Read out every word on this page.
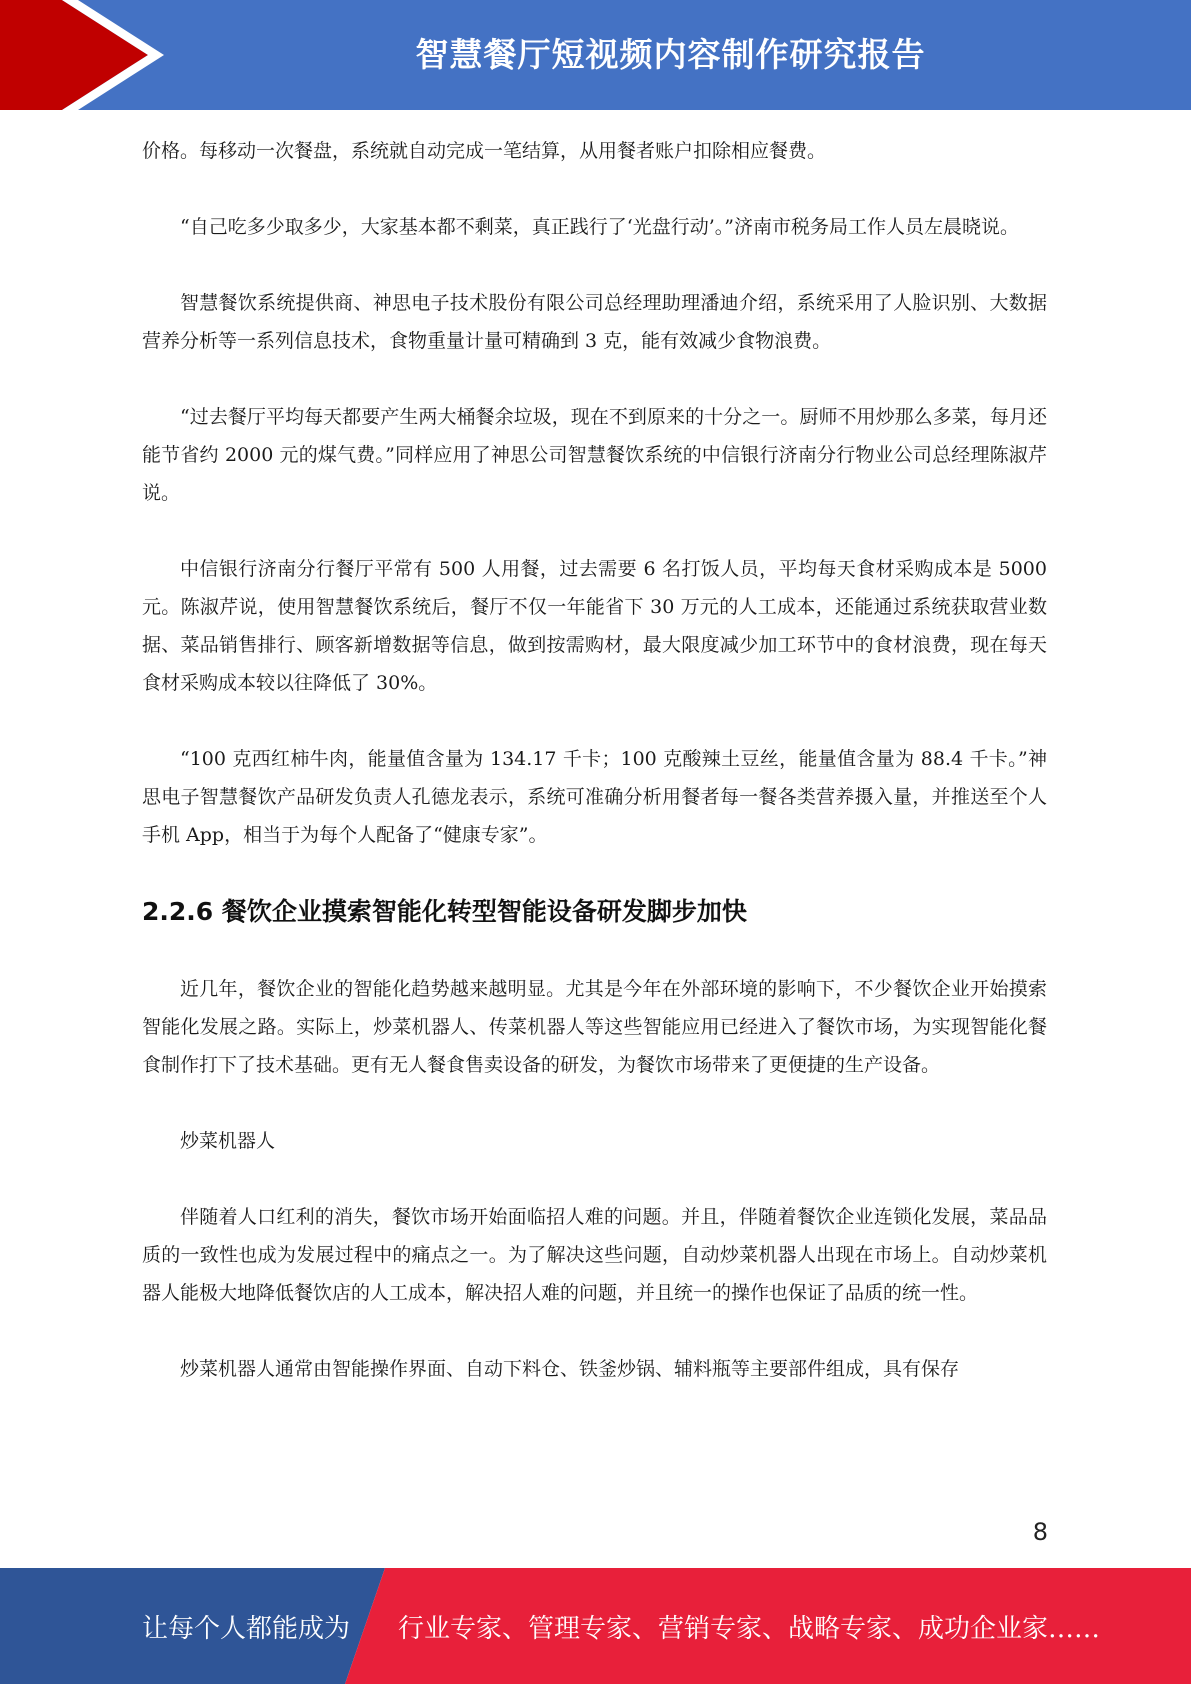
智慧餐厅短视频内容制作研究报告

价格。每移动一次餐盘，系统就自动完成一笔结算，从用餐者账户扣除相应餐费。

“自己吃多少取多少，大家基本都不剩菜，真正践行了‘光盘行动’。”济南市税务局工作人员左晨晓说。

智慧餐饮系统提供商、神思电子技术股份有限公司总经理助理潘迪介绍，系统采用了人脸识别、大数据营养分析等一系列信息技术，食物重量计量可精确到 3 克，能有效减少食物浪费。

“过去餐厅平均每天都要产生两大桶餐余垃圾，现在不到原来的十分之一。厨师不用炒那么多菜，每月还能节省约 2000 元的煤气费。”同样应用了神思公司智慧餐饮系统的中信银行济南分行物业公司总经理陈淑芹说。

中信银行济南分行餐厅平常有 500 人用餐，过去需要 6 名打饭人员，平均每天食材采购成本是 5000 元。陈淑芹说，使用智慧餐饮系统后，餐厅不仅一年能省下 30 万元的人工成本，还能通过系统获取营业数据、菜品销售排行、顾客新增数据等信息，做到按需购材，最大限度减少加工环节中的食材浪费，现在每天食材采购成本较以往降低了 30%。

“100 克西红柿牛肉，能量值含量为 134.17 千卡；100 克酸辣土豆丝，能量值含量为 88.4 千卡。”神思电子智慧餐饮产品研发负责人孔德龙表示，系统可准确分析用餐者每一餐各类营养摄入量，并推送至个人手机 App，相当于为每个人配备了“健康专家”。

2.2.6 餐饮企业摸索智能化转型智能设备研发脚步加快

近几年，餐饮企业的智能化趋势越来越明显。尤其是今年在外部环境的影响下，不少餐饮企业开始摸索智能化发展之路。实际上，炒菜机器人、传菜机器人等这些智能应用已经进入了餐饮市场，为实现智能化餐食制作打下了技术基础。更有无人餐食售卖设备的研发，为餐饮市场带来了更便捷的生产设备。

炒菜机器人

伴随着人口红利的消失，餐饮市场开始面临招人难的问题。并且，伴随着餐饮企业连锁化发展，菜品品质的一致性也成为发展过程中的痛点之一。为了解决这些问题，自动炒菜机器人出现在市场上。自动炒菜机器人能极大地降低餐饮店的人工成本，解决招人难的问题，并且统一的操作也保证了品质的统一性。

炒菜机器人通常由智能操作界面、自动下料仓、铁釜炒锅、辅料瓶等主要部件组成，具有保存

8
让每个人都能成为 行业专家、管理专家、营销专家、战略专家、成功企业家……
